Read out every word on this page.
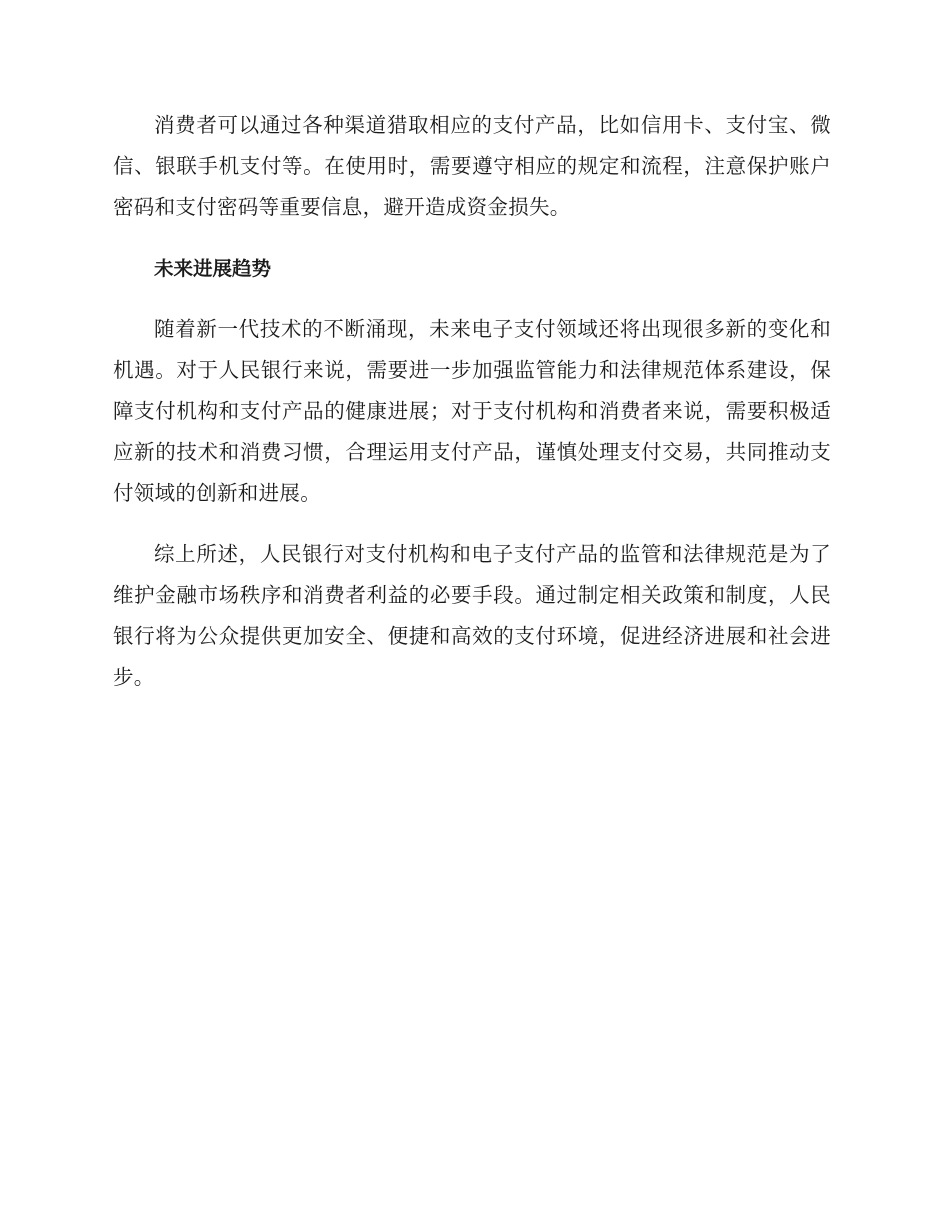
消费者可以通过各种渠道猎取相应的支付产品，比如信用卡、支付宝、微信、银联手机支付等。在使用时，需要遵守相应的规定和流程，注意保护账户密码和支付密码等重要信息，避开造成资金损失。

未来进展趋势

随着新一代技术的不断涌现，未来电子支付领域还将出现很多新的变化和机遇。对于人民银行来说，需要进一步加强监管能力和法律规范体系建设，保障支付机构和支付产品的健康进展；对于支付机构和消费者来说，需要积极适应新的技术和消费习惯，合理运用支付产品，谨慎处理支付交易，共同推动支付领域的创新和进展。

综上所述，人民银行对支付机构和电子支付产品的监管和法律规范是为了维护金融市场秩序和消费者利益的必要手段。通过制定相关政策和制度，人民银行将为公众提供更加安全、便捷和高效的支付环境，促进经济进展和社会进步。
